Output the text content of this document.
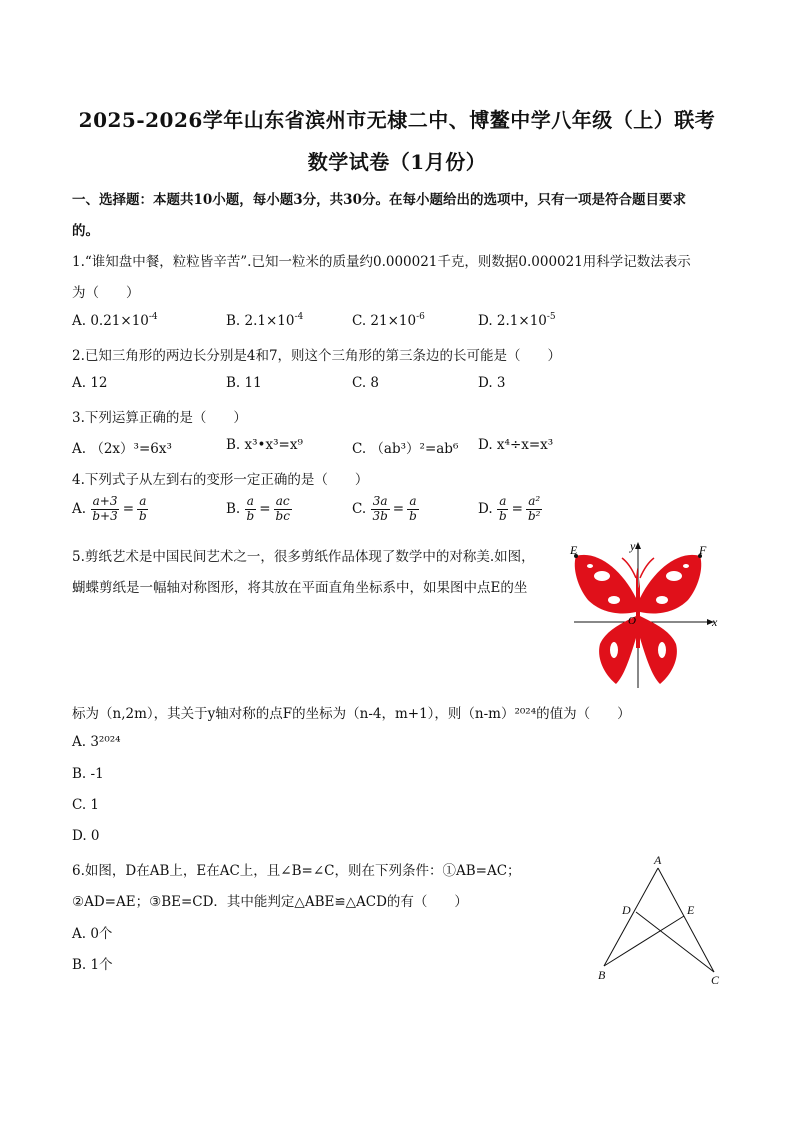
2025-2026学年山东省滨州市无棣二中、博鳌中学八年级（上）联考
数学试卷（1月份）
一、选择题：本题共10小题，每小题3分，共30分。在每小题给出的选项中，只有一项是符合题目要求
的。
1.“谁知盘中餐，粒粒皆辛苦”.已知一粒米的质量约0.000021千克，则数据0.000021用科学记数法表示
为（　　）
A. $0.21\times 10^{-4}$	B. $2.1\times 10^{-4}$	C. $21\times 10^{-6}$	D. $2.1\times 10^{-5}$
2.已知三角形的两边长分别是4和7，则这个三角形的第三条边的长可能是（　　）
A. 12	B. 11	C. 8	D. 3
3.下列运算正确的是（　　）
A. （2x）³=6x³	B. x³•x³=x⁹	C. （ab³）²=ab⁶ D. x⁴÷x=x³
4.下列式子从左到右的变形一定正确的是（　　）
A. $\frac{a+3}{b+3} = \frac{a}{b}$	B. $\frac{a}{b} = \frac{ac}{bc}$	C. $\frac{3a}{3b} = \frac{a}{b}$	D. $\frac{a}{b} = \frac{\text{a²}}{\text{b²}}$
5.剪纸艺术是中国民间艺术之一，很多剪纸作品体现了数学中的对称美.如图，
蝴蝶剪纸是一幅轴对称图形，将其放在平面直角坐标系中，如果图中点E的坐
标为（n,2m），其关于y轴对称的点F的坐标为（n-4，m+1），则（n-m）²⁰²⁴的值为（　　）
A. 3²⁰²⁴
B. -1
C. 1
D. 0
E	F
y
x
O
6.如图，D在AB上，E在AC上，且∠B=∠C，则在下列条件：①AB=AC；
②AD=AE；③BE=CD．其中能判定△ABE≌△ACD的有（　　）
A. 0个
B. 1个
A
B	C
D	E
